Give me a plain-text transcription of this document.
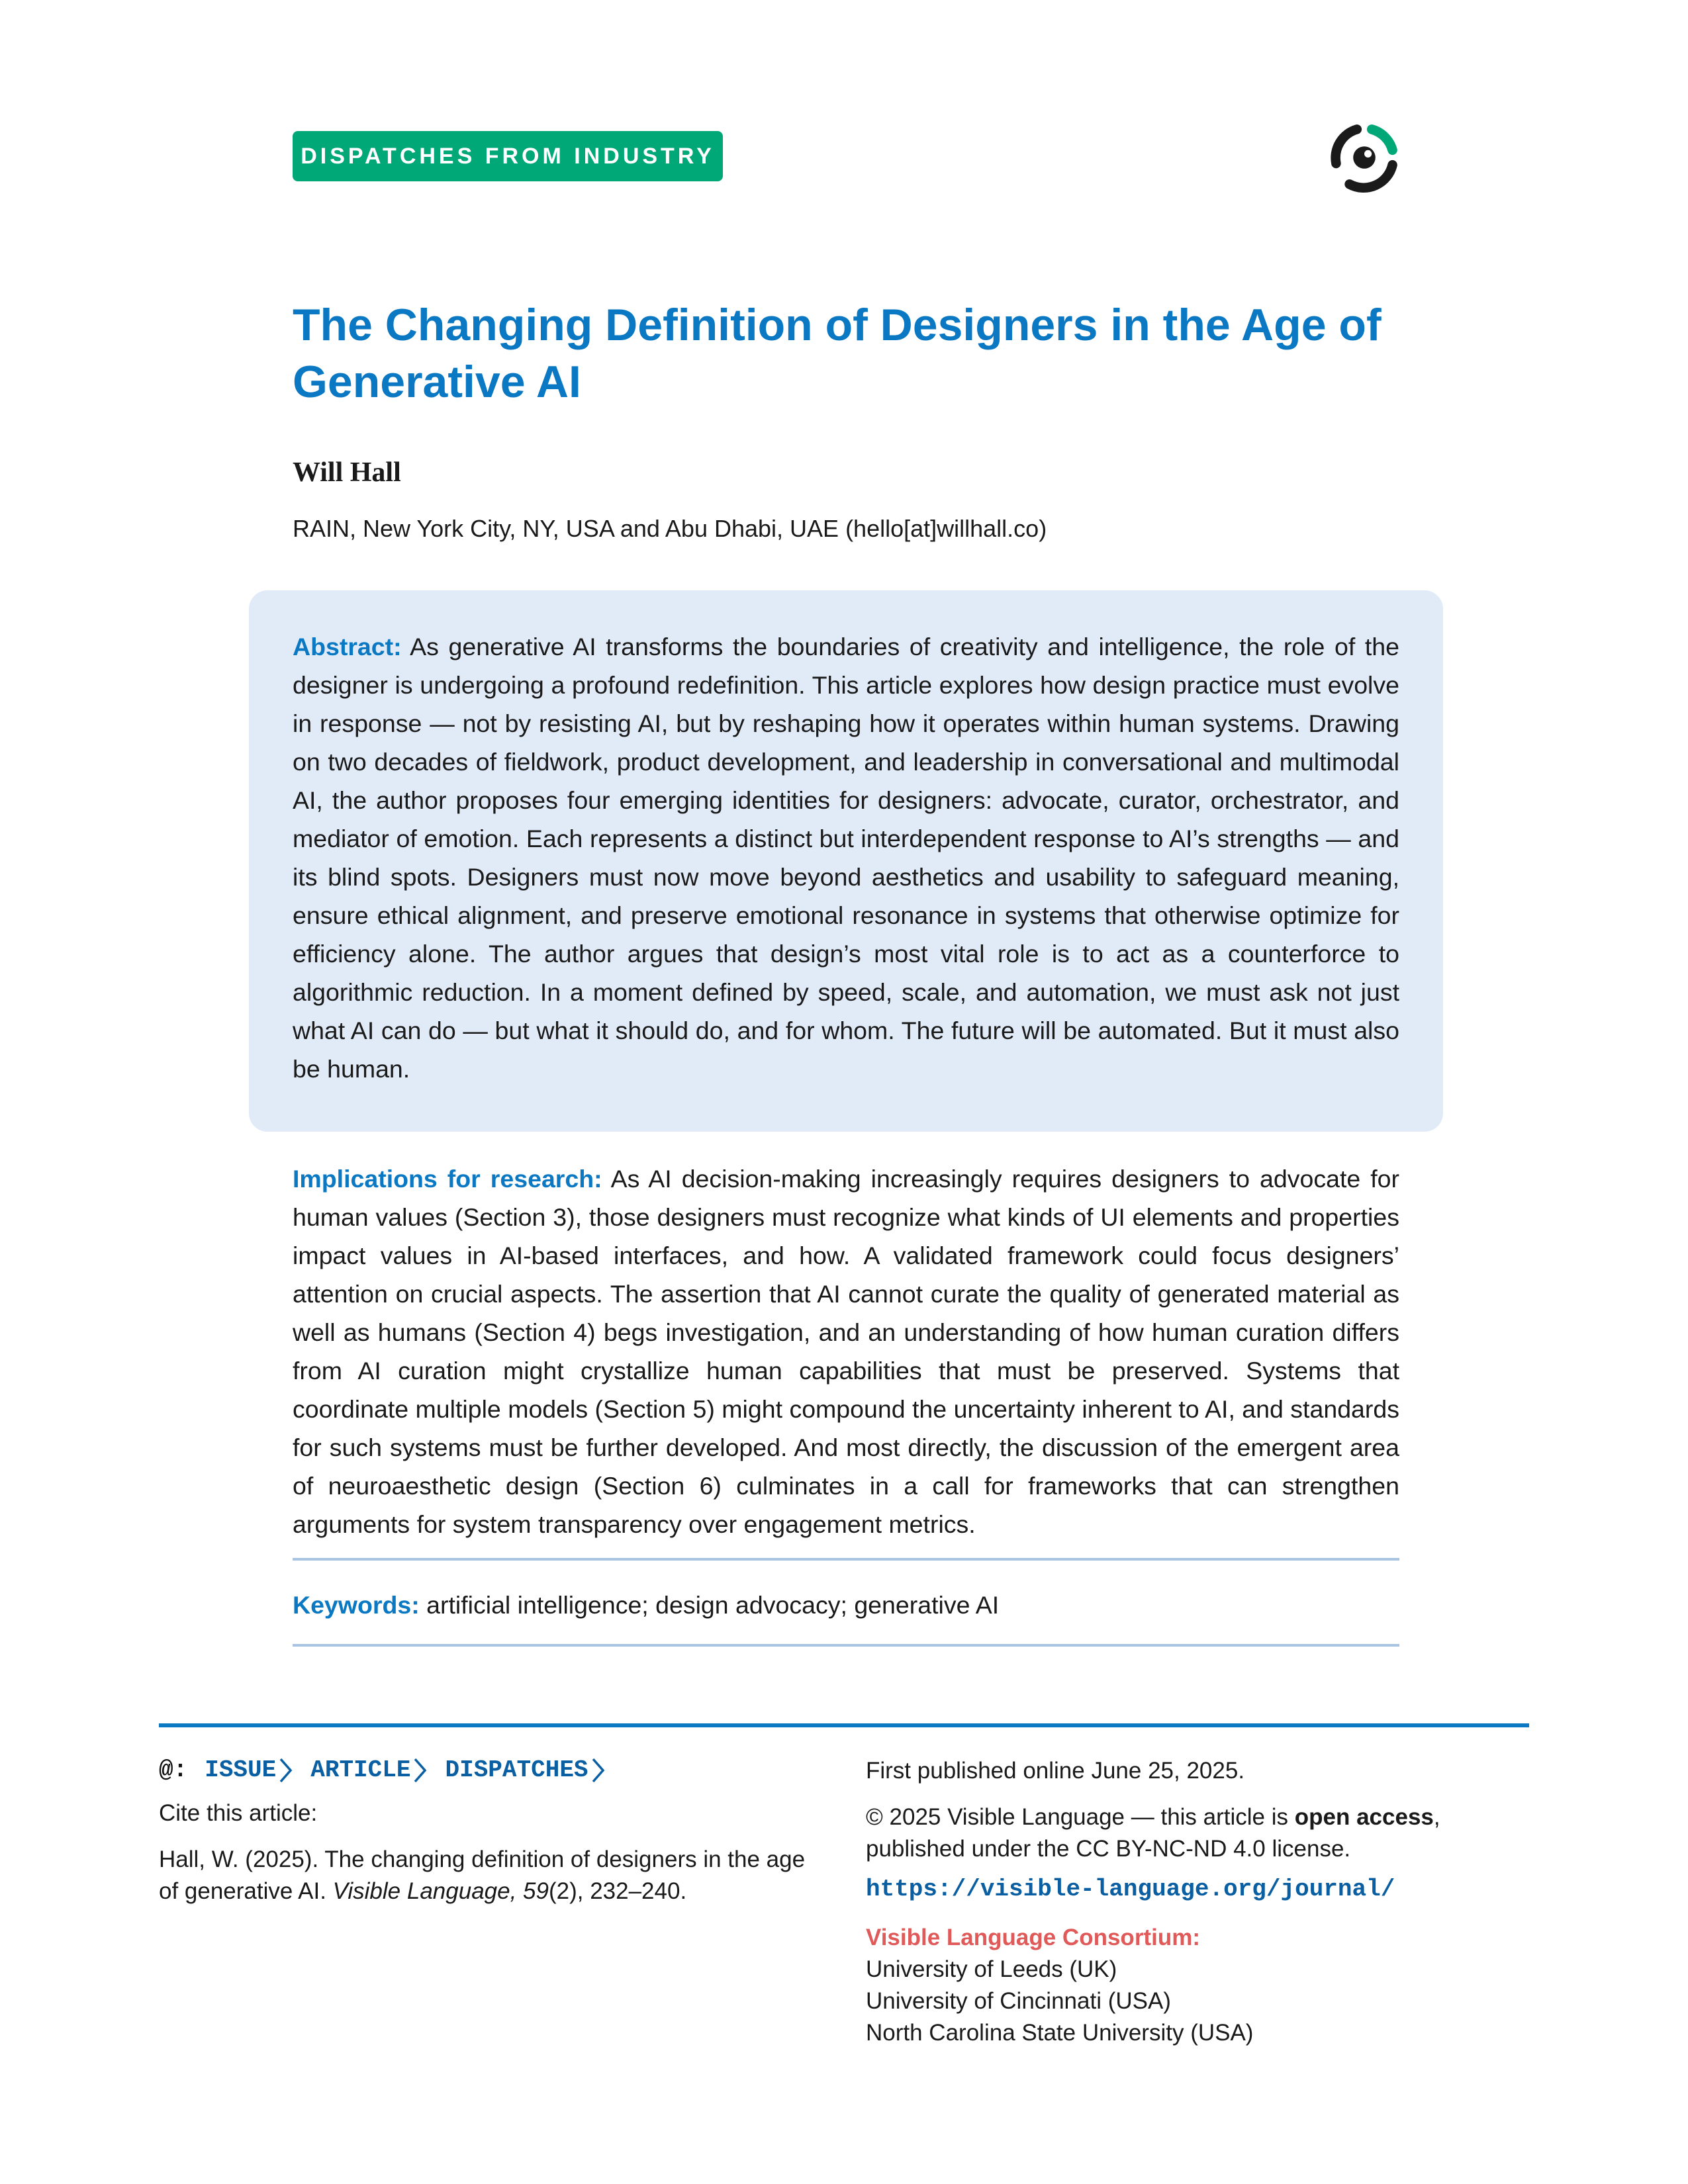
DISPATCHES FROM INDUSTRY
The Changing Definition of Designers in the Age of Generative AI
Will Hall
RAIN, New York City, NY, USA and Abu Dhabi, UAE (hello[at]willhall.co)

Abstract: As generative AI transforms the boundaries of creativity and intelligence, the role of the designer is undergoing a profound redefinition. This article explores how design practice must evolve in response — not by resisting AI, but by reshaping how it operates within human systems. Drawing on two decades of fieldwork, product development, and leadership in conversational and multimodal AI, the author proposes four emerging identities for designers: advocate, curator, orchestrator, and mediator of emotion. Each represents a distinct but interdependent response to AI’s strengths — and its blind spots. Designers must now move beyond aesthetics and usability to safeguard meaning, ensure ethical alignment, and preserve emotional resonance in systems that otherwise optimize for efficiency alone. The author argues that design’s most vital role is to act as a counterforce to algorithmic reduction. In a moment defined by speed, scale, and automation, we must ask not just what AI can do — but what it should do, and for whom. The future will be automated. But it must also be human.

Implications for research: As AI decision-making increasingly requires designers to advocate for human values (Section 3), those designers must recognize what kinds of UI elements and properties impact values in AI-based interfaces, and how. A validated framework could focus designers’ attention on crucial aspects. The assertion that AI cannot curate the quality of generated material as well as humans (Section 4) begs investigation, and an understanding of how human curation differs from AI curation might crystallize human capabilities that must be preserved. Systems that coordinate multiple models (Section 5) might compound the uncertainty inherent to AI, and standards for such systems must be further developed. And most directly, the discussion of the emergent area of neuroaesthetic design (Section 6) culminates in a call for frameworks that can strengthen arguments for system transparency over engagement metrics.

Keywords: artificial intelligence; design advocacy; generative AI
@: ISSUE ARTICLE DISPATCHES
Cite this article:
Hall, W. (2025). The changing definition of designers in the age of generative AI. Visible Language, 59(2), 232–240.
First published online June 25, 2025.
© 2025 Visible Language — this article is open access, published under the CC BY-NC-ND 4.0 license.
https://visible-language.org/journal/
Visible Language Consortium:
University of Leeds (UK)
University of Cincinnati (USA)
North Carolina State University (USA)
